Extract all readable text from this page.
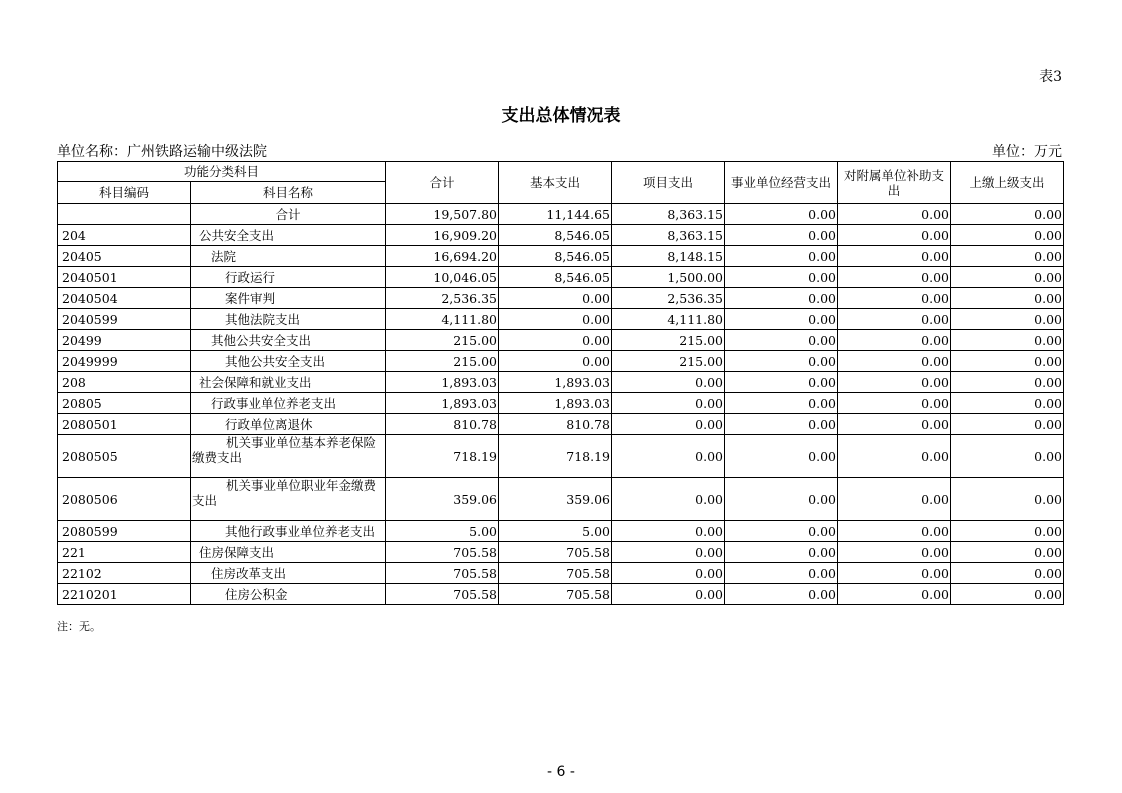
表3
支出总体情况表
单位名称：广州铁路运输中级法院	单位：万元
功能分类科目		合计	基本支出	项目支出	事业单位经营支出	对附属单位补助支出	上缴上级支出
科目编码	科目名称						
	合计	19,507.80	11,144.65	8,363.15	0.00	0.00	0.00
204	公共安全支出	16,909.20	8,546.05	8,363.15	0.00	0.00	0.00
20405	法院	16,694.20	8,546.05	8,148.15	0.00	0.00	0.00
2040501	行政运行	10,046.05	8,546.05	1,500.00	0.00	0.00	0.00
2040504	案件审判	2,536.35	0.00	2,536.35	0.00	0.00	0.00
2040599	其他法院支出	4,111.80	0.00	4,111.80	0.00	0.00	0.00
20499	其他公共安全支出	215.00	0.00	215.00	0.00	0.00	0.00
2049999	其他公共安全支出	215.00	0.00	215.00	0.00	0.00	0.00
208	社会保障和就业支出	1,893.03	1,893.03	0.00	0.00	0.00	0.00
20805	行政事业单位养老支出	1,893.03	1,893.03	0.00	0.00	0.00	0.00
2080501	行政单位离退休	810.78	810.78	0.00	0.00	0.00	0.00
2080505	机关事业单位基本养老保险缴费支出	718.19	718.19	0.00	0.00	0.00	0.00
2080506	机关事业单位职业年金缴费支出	359.06	359.06	0.00	0.00	0.00	0.00
2080599	其他行政事业单位养老支出	5.00	5.00	0.00	0.00	0.00	0.00
221	住房保障支出	705.58	705.58	0.00	0.00	0.00	0.00
22102	住房改革支出	705.58	705.58	0.00	0.00	0.00	0.00
2210201	住房公积金	705.58	705.58	0.00	0.00	0.00	0.00
注：无。
- 6 -
